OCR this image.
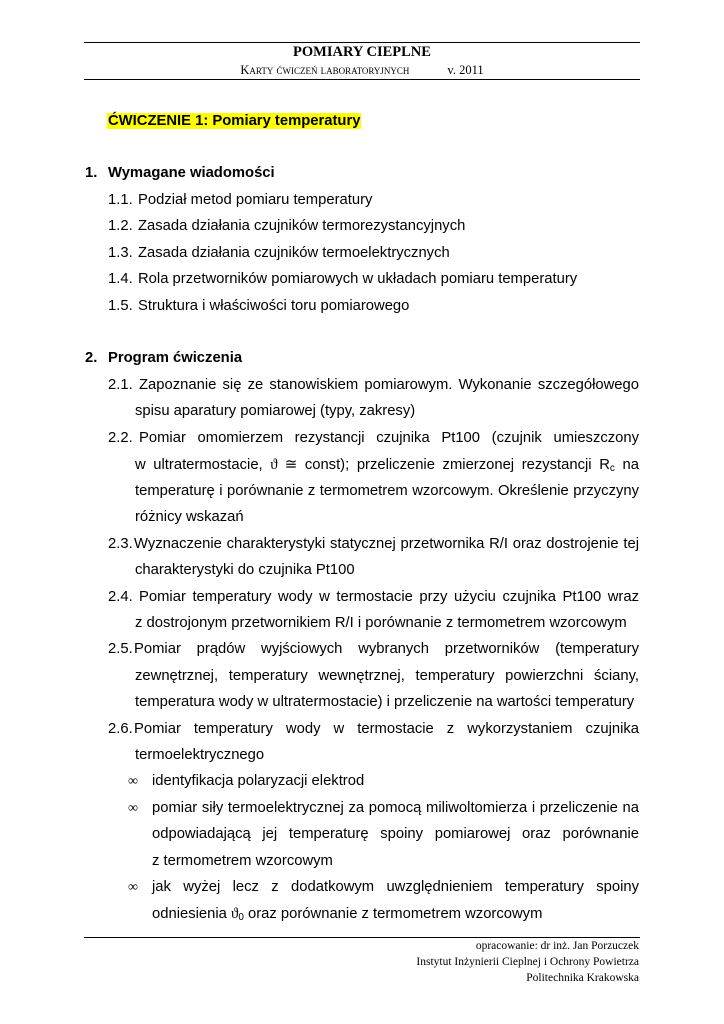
POMIARY CIEPLNE
Karty ćwiczeń laboratoryjnych	v. 2011
ĆWICZENIE 1: Pomiary temperatury
1. Wymagane wiadomości
1.1. Podział metod pomiaru temperatury
1.2. Zasada działania czujników termorezystancyjnych
1.3. Zasada działania czujników termoelektrycznych
1.4. Rola przetworników pomiarowych w układach pomiaru temperatury
1.5. Struktura i właściwości toru pomiarowego
2. Program ćwiczenia
2.1. Zapoznanie się ze stanowiskiem pomiarowym. Wykonanie szczegółowego
spisu aparatury pomiarowej (typy, zakresy)
2.2. Pomiar omomierzem rezystancji czujnika Pt100 (czujnik umieszczony
w ultratermostacie, ϑ ≅ const); przeliczenie zmierzonej rezystancji $R_c$ na
temperaturę i porównanie z termometrem wzorcowym. Określenie przyczyny
różnicy wskazań
2.3. Wyznaczenie charakterystyki statycznej przetwornika R/I oraz dostrojenie tej
charakterystyki do czujnika Pt100
2.4. Pomiar temperatury wody w termostacie przy użyciu czujnika Pt100 wraz
z dostrojonym przetwornikiem R/I i porównanie z termometrem wzorcowym
2.5. Pomiar prądów wyjściowych wybranych przetworników (temperatury
zewnętrznej, temperatury wewnętrznej, temperatury powierzchni ściany,
temperatura wody w ultratermostacie) i przeliczenie na wartości temperatury
2.6. Pomiar temperatury wody w termostacie z wykorzystaniem czujnika
termoelektrycznego
∞ identyfikacja polaryzacji elektrod
∞ pomiar siły termoelektrycznej za pomocą miliwoltomierza i przeliczenie na
odpowiadającą jej temperaturę spoiny pomiarowej oraz porównanie
z termometrem wzorcowym
∞ jak wyżej lecz z dodatkowym uwzględnieniem temperatury spoiny
odniesienia $ϑ_0$ oraz porównanie z termometrem wzorcowym
opracowanie: dr inż. Jan Porzuczek
Instytut Inżynierii Cieplnej i Ochrony Powietrza
Politechnika Krakowska
